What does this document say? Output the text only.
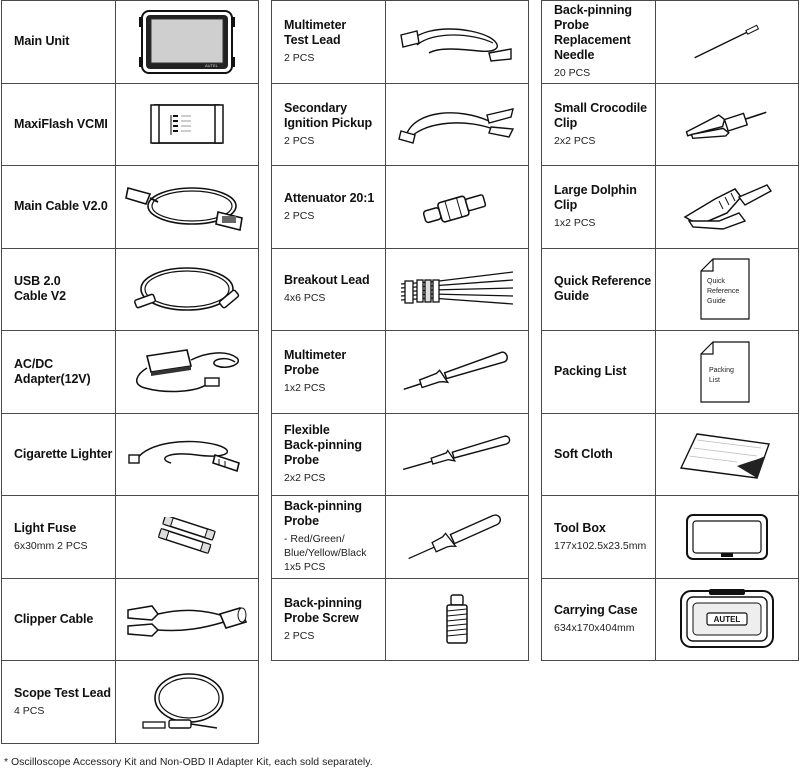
Main Unit
AUTEL
MaxiFlash VCMI
Main Cable V2.0
USB 2.0
Cable V2
AC/DC
Adapter(12V)
Cigarette Lighter
Light Fuse
6x30mm 2 PCS
Clipper Cable
Scope Test Lead
4 PCS
Multimeter
Test Lead
2 PCS
Secondary
Ignition Pickup
2 PCS
Attenuator 20:1
2 PCS
Breakout Lead
4x6 PCS
Multimeter
Probe
1x2 PCS
Flexible
Back-pinning
Probe
2x2 PCS
Back-pinning
Probe
- Red/Green/
Blue/Yellow/Black
1x5 PCS
Back-pinning
Probe Screw
2 PCS
Back-pinning
Probe
Replacement
Needle
20 PCS
Small Crocodile
Clip
2x2 PCS
Large Dolphin
Clip
1x2 PCS
Quick Reference
Guide
Quick
Reference
Guide
Packing List	Packing
List
Soft Cloth
Tool Box
177x102.5x23.5mm
Carrying Case
634x170x404mm
AUTEL
* Oscilloscope Accessory Kit and Non-OBD II Adapter Kit, each sold separately.
